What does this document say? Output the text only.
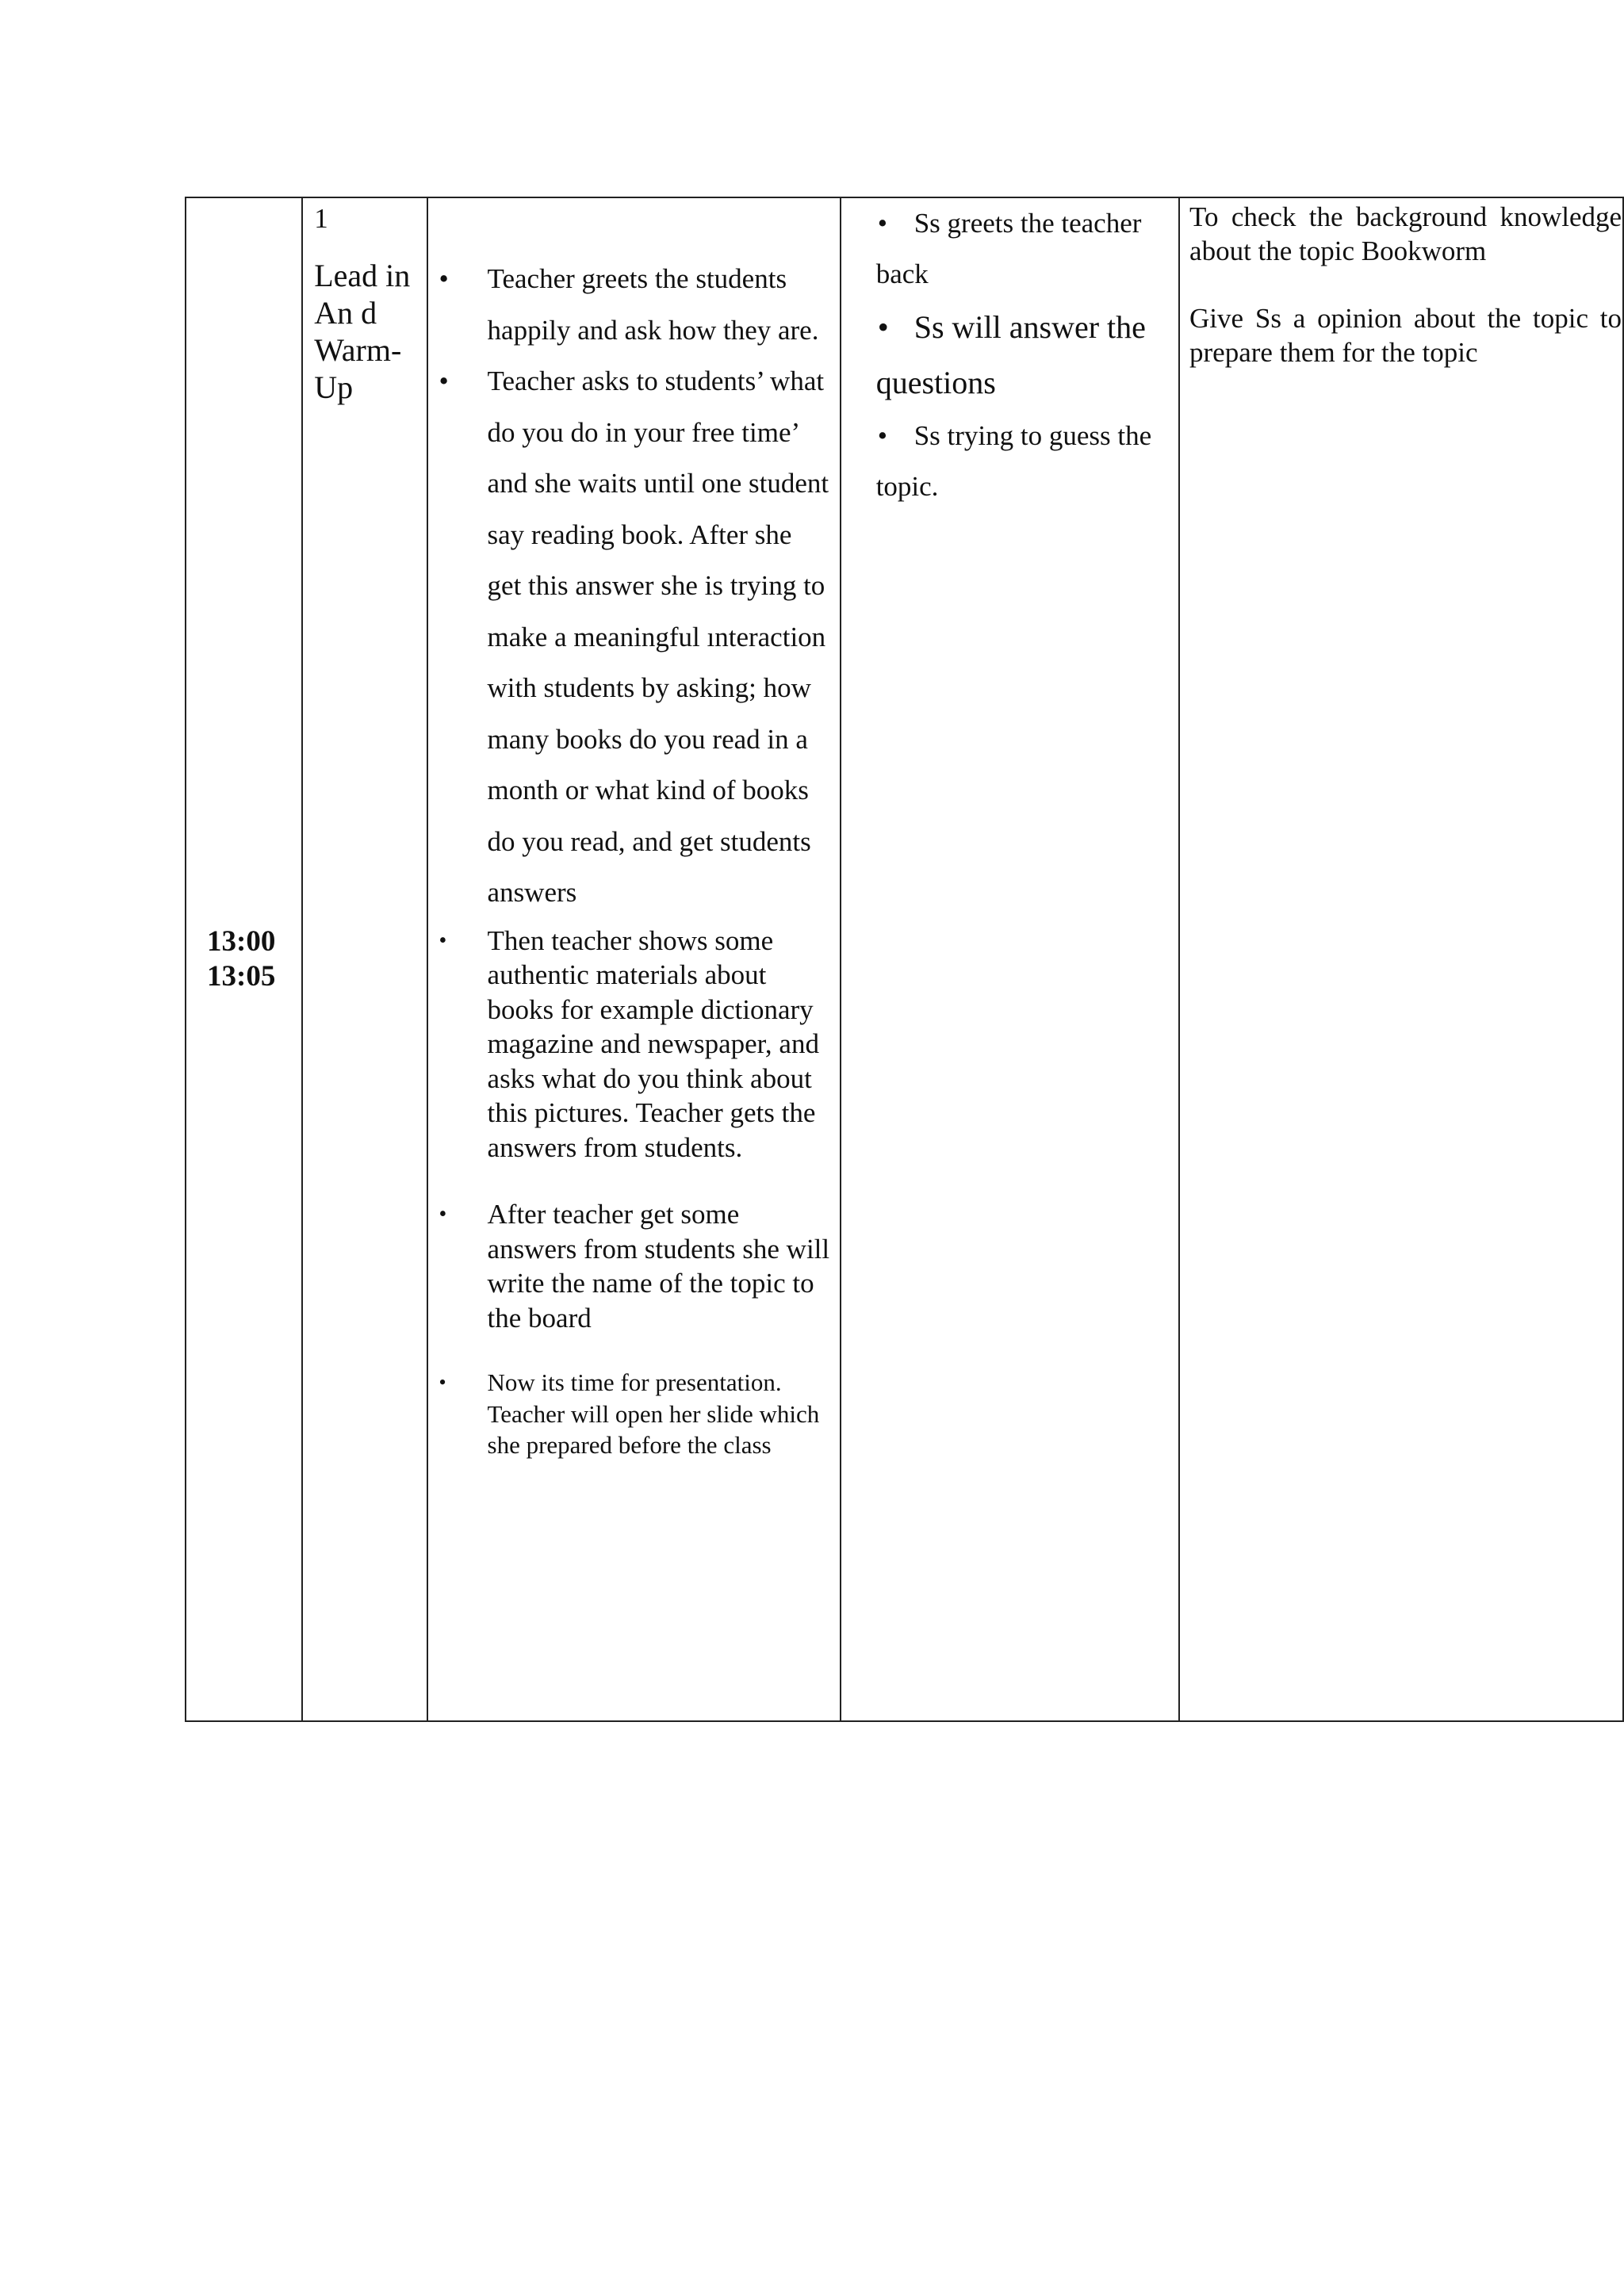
13:00
13:05

1
Lead in
An d
Warm-
Up

• Teacher greets the students happily and ask how they are.
• Teacher asks to students’ what do you do in your free time’ and she waits until one student say reading book. After she get this answer she is trying to make a meaningful ınteraction with students by asking; how many books do you read in a month or what kind of books do you read, and get students answers
• Then teacher shows some authentic materials about books for example dictionary magazine and newspaper, and asks what do you think about this pictures. Teacher gets the answers from students.
• After teacher get some answers from students she will write the name of the topic to the board
• Now its time for presentation. Teacher will open her slide which she prepared before the class

• Ss greets the teacher back
• Ss will answer the questions
• Ss trying to guess the topic.

To check the background knowledge about the topic Bookworm
Give Ss a opinion about the topic to prepare them for the topic
